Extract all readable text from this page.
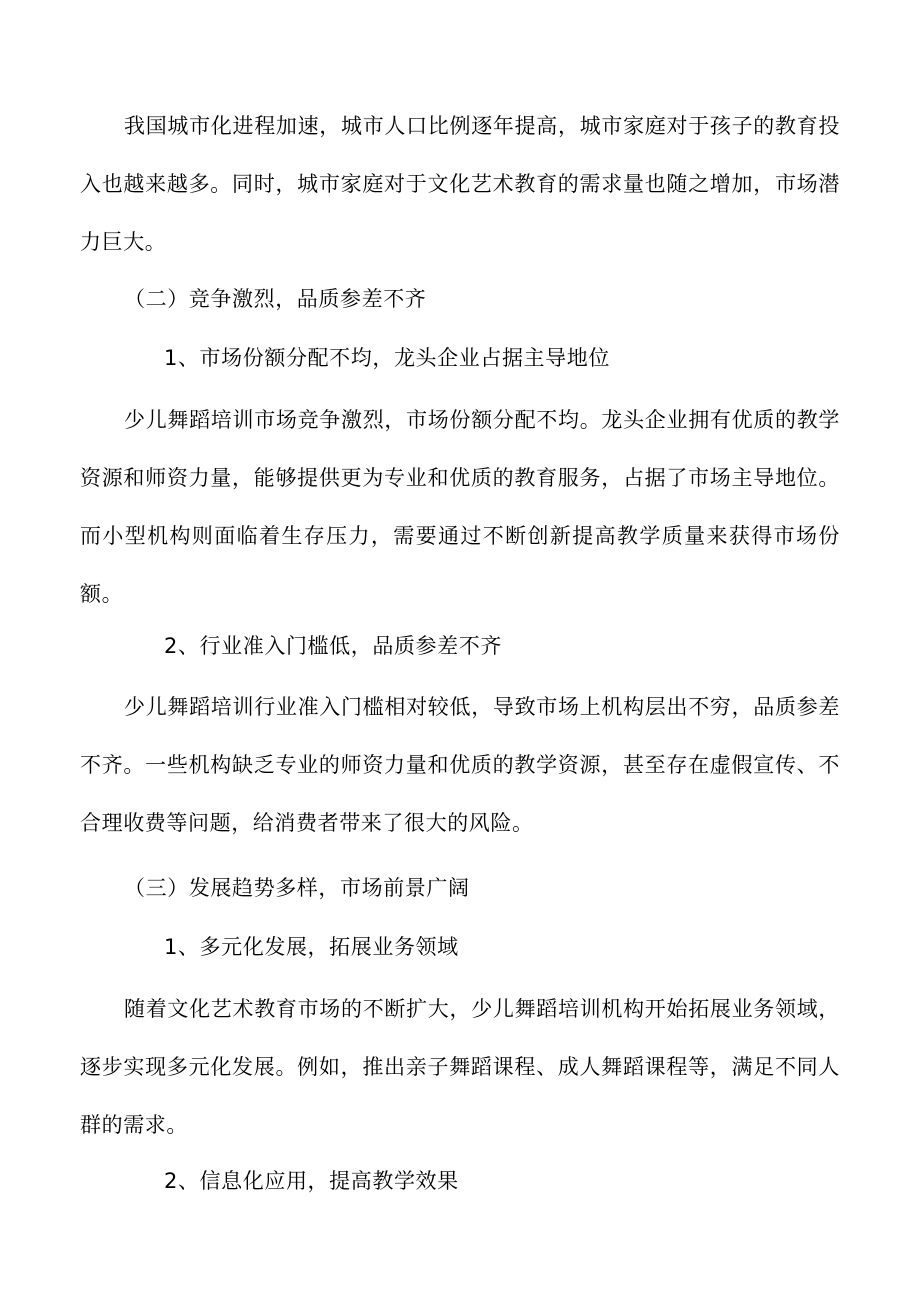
我国城市化进程加速，城市人口比例逐年提高，城市家庭对于孩子的教育投入也越来越多。同时，城市家庭对于文化艺术教育的需求量也随之增加，市场潜力巨大。

（二）竞争激烈，品质参差不齐

1、市场份额分配不均，龙头企业占据主导地位

少儿舞蹈培训市场竞争激烈，市场份额分配不均。龙头企业拥有优质的教学资源和师资力量，能够提供更为专业和优质的教育服务，占据了市场主导地位。而小型机构则面临着生存压力，需要通过不断创新提高教学质量来获得市场份额。

2、行业准入门槛低，品质参差不齐

少儿舞蹈培训行业准入门槛相对较低，导致市场上机构层出不穷，品质参差不齐。一些机构缺乏专业的师资力量和优质的教学资源，甚至存在虚假宣传、不合理收费等问题，给消费者带来了很大的风险。

（三）发展趋势多样，市场前景广阔

1、多元化发展，拓展业务领域

随着文化艺术教育市场的不断扩大，少儿舞蹈培训机构开始拓展业务领域，逐步实现多元化发展。例如，推出亲子舞蹈课程、成人舞蹈课程等，满足不同人群的需求。

2、信息化应用，提高教学效果
